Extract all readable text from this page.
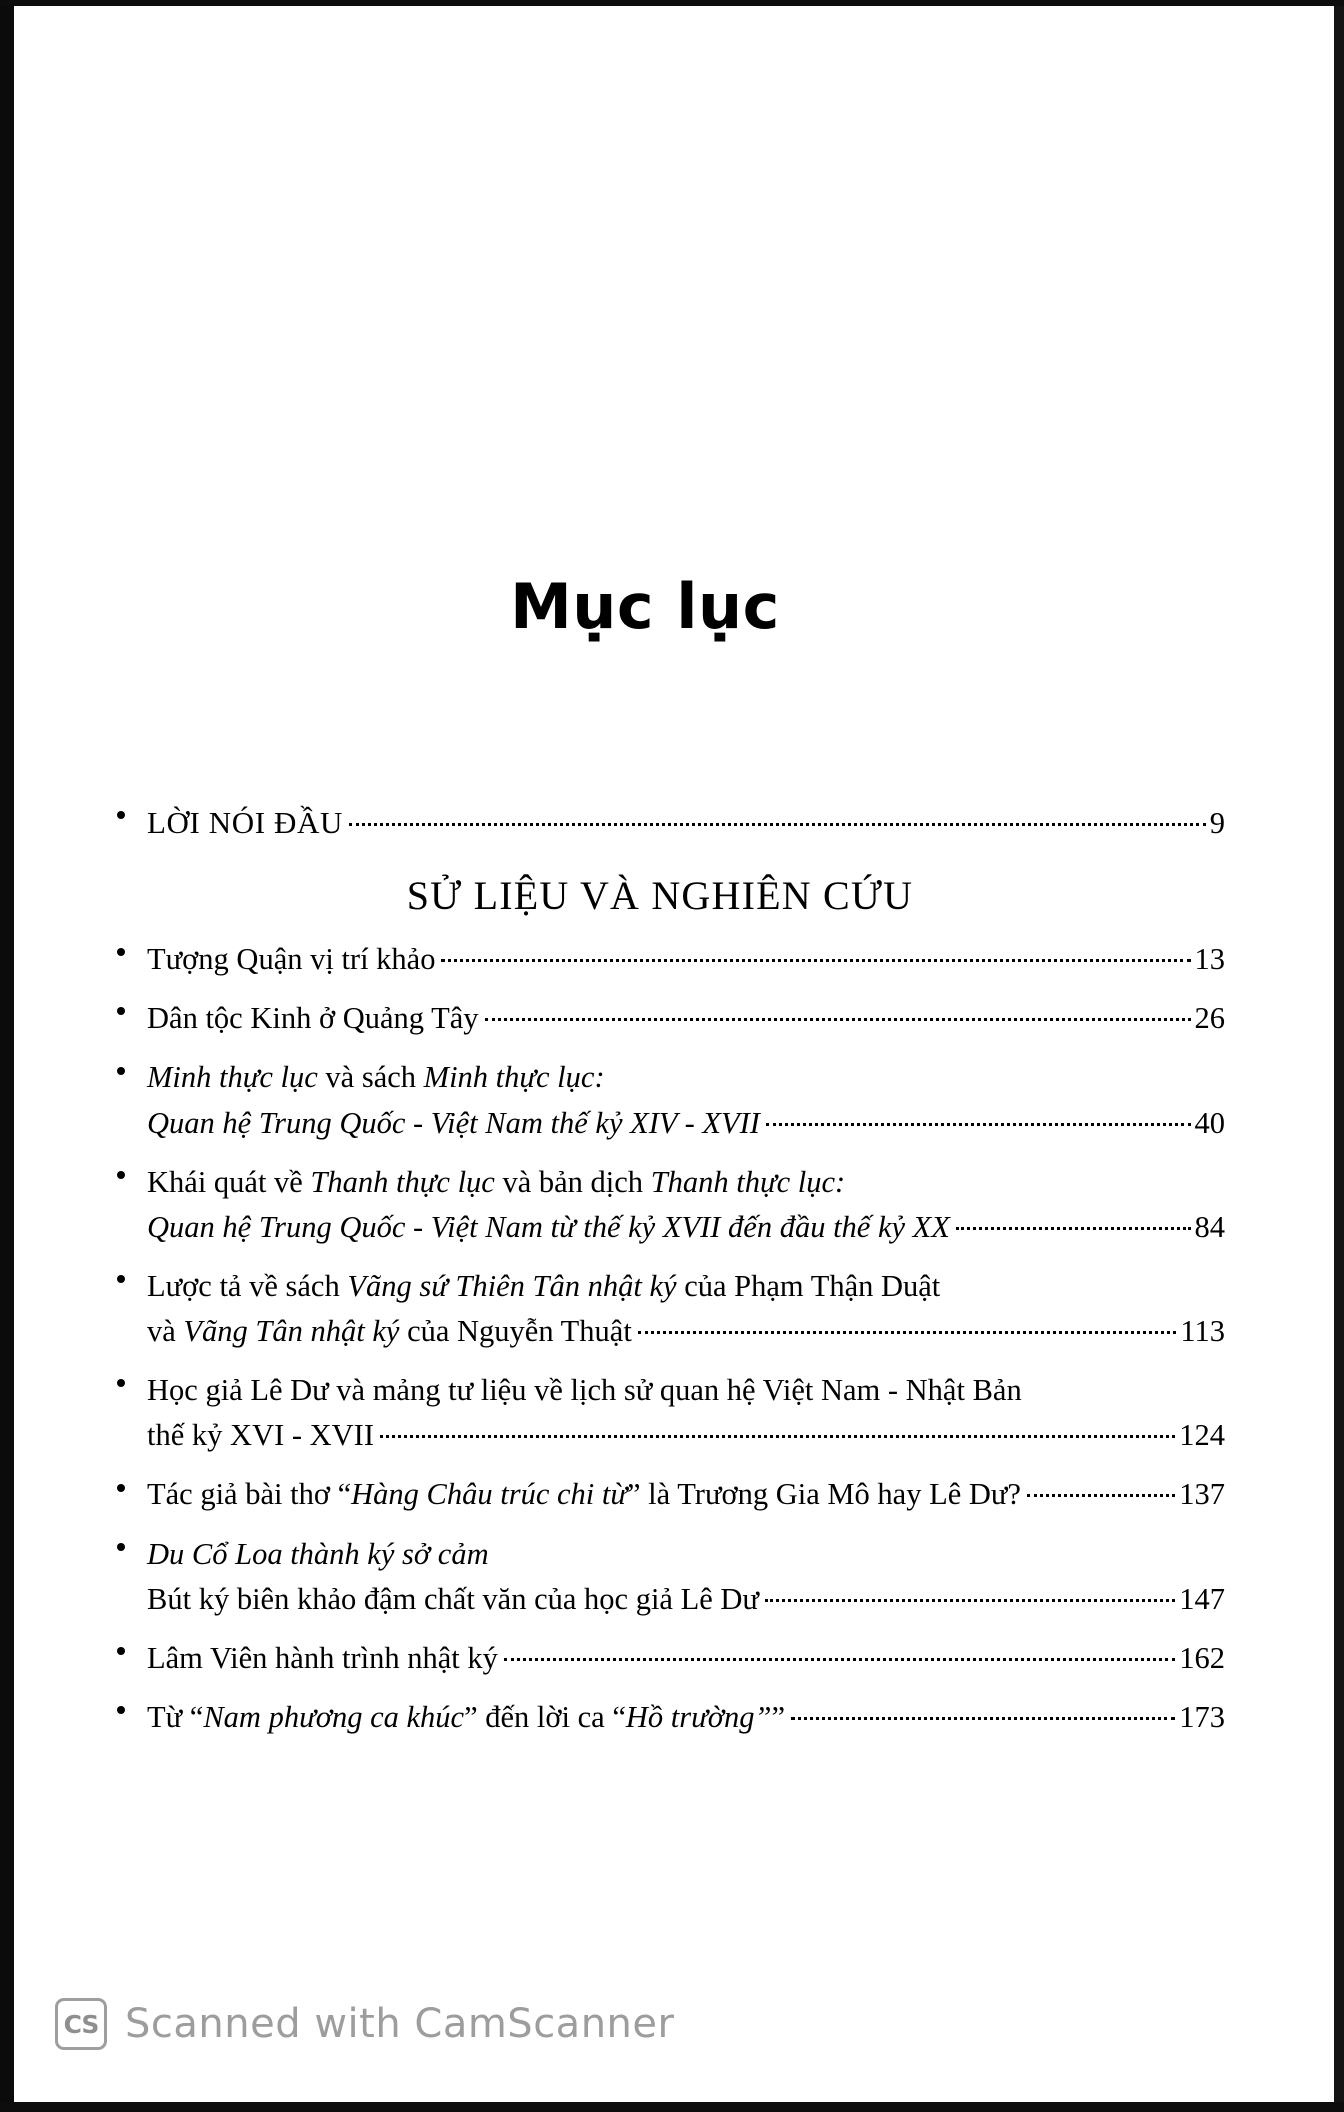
Mục lục
LỜI NÓI ĐẦU	9
SỬ LIỆU VÀ NGHIÊN CỨU
Tượng Quận vị trí khảo	13
Dân tộc Kinh ở Quảng Tây	26
Minh thực lục và sách Minh thực lục:
Quan hệ Trung Quốc - Việt Nam thế kỷ XIV - XVII	40
Khái quát về Thanh thực lục và bản dịch Thanh thực lục:
Quan hệ Trung Quốc - Việt Nam từ thế kỷ XVII đến đầu thế kỷ XX	84
Lược tả về sách Vãng sứ Thiên Tân nhật ký của Phạm Thận Duật
và Vãng Tân nhật ký của Nguyễn Thuật	113
Học giả Lê Dư và mảng tư liệu về lịch sử quan hệ Việt Nam - Nhật Bản
thế kỷ XVI - XVII	124
Tác giả bài thơ “ Hàng Châu trúc chi từ ” là Trương Gia Mô hay Lê Dư?	137
Du Cổ Loa thành ký sở cảm
Bút ký biên khảo đậm chất văn của học giả Lê Dư	147
Lâm Viên hành trình nhật ký	162
Từ “ Nam phương ca khúc ” đến lời ca “ Hồ trường” ”	173
CS Scanned with CamScanner
